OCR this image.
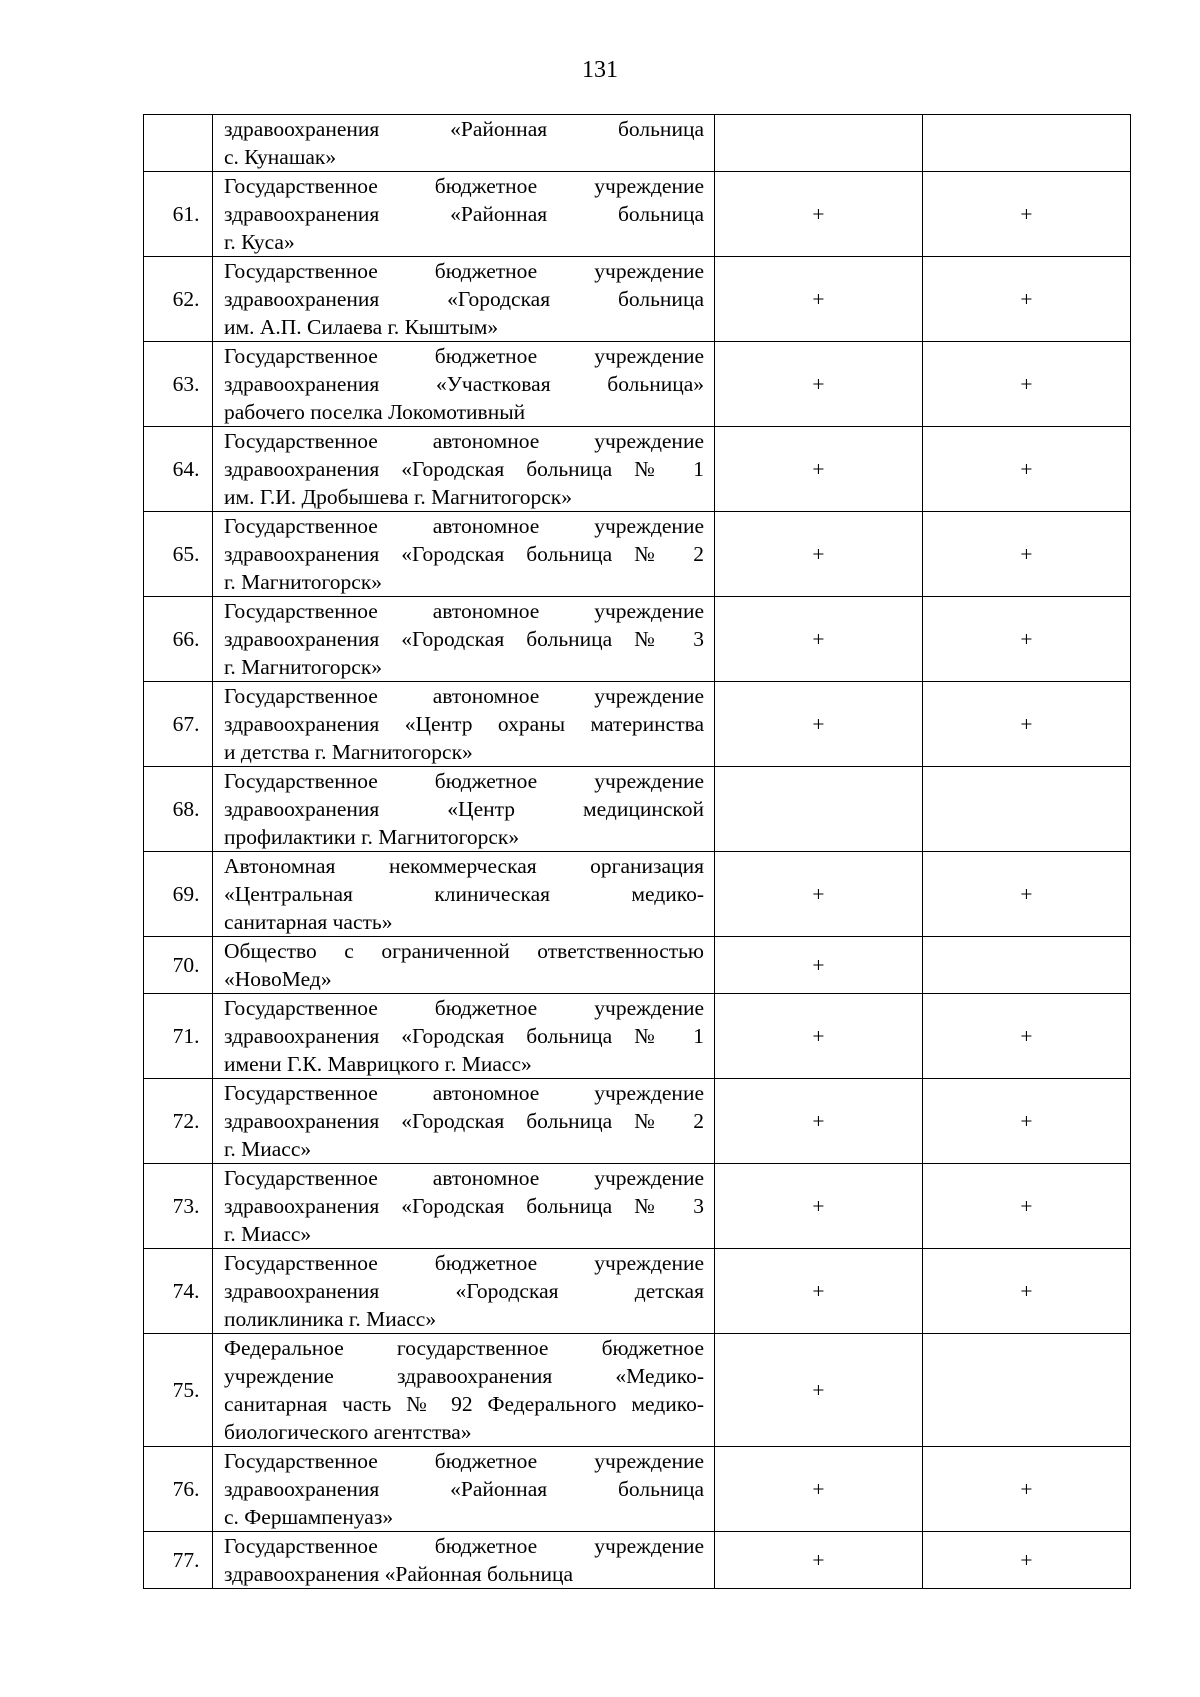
131

	здравоохранения «Районная больница
с. Кунашак»		

61.	Государственное бюджетное учреждение
здравоохранения «Районная больница
г. Куса»	+	+
62.	Государственное бюджетное учреждение
здравоохранения «Городская больница
им. А.П. Силаева г. Кыштым»	+	+
63.	Государственное бюджетное учреждение
здравоохранения «Участковая больница»
рабочего поселка Локомотивный	+	+
64.	Государственное автономное учреждение
здравоохранения «Городская больница № 1
им. Г.И. Дробышева г. Магнитогорск»	+	+
65.	Государственное автономное учреждение
здравоохранения «Городская больница № 2
г. Магнитогорск»	+	+
66.	Государственное автономное учреждение
здравоохранения «Городская больница № 3
г. Магнитогорск»	+	+
67.	Государственное автономное учреждение
здравоохранения «Центр охраны материнства
и детства г. Магнитогорск»	+	+
68.	Государственное бюджетное учреждение
здравоохранения «Центр медицинской
профилактики г. Магнитогорск»		

69.	Автономная некоммерческая организация
«Центральная клиническая медико-
санитарная часть»	+	+
70.	Общество с ограниченной ответственностью
«НовоМед»	+	
71.	Государственное бюджетное учреждение
здравоохранения «Городская больница № 1
имени Г.К. Маврицкого г. Миасс»	+	+
72.	Государственное автономное учреждение
здравоохранения «Городская больница № 2
г. Миасс»	+	+
73.	Государственное автономное учреждение
здравоохранения «Городская больница № 3
г. Миасс»	+	+
74.	Государственное бюджетное учреждение
здравоохранения «Городская детская
поликлиника г. Миасс»	+	+
75.	Федеральное государственное бюджетное
учреждение здравоохранения «Медико-
санитарная часть № 92 Федерального медико-
биологического агентства»	+	
76.	Государственное бюджетное учреждение
здравоохранения «Районная больница
с. Фершампенуаз»	+	+
77.	Государственное бюджетное учреждение
здравоохранения «Районная больница	+	+
